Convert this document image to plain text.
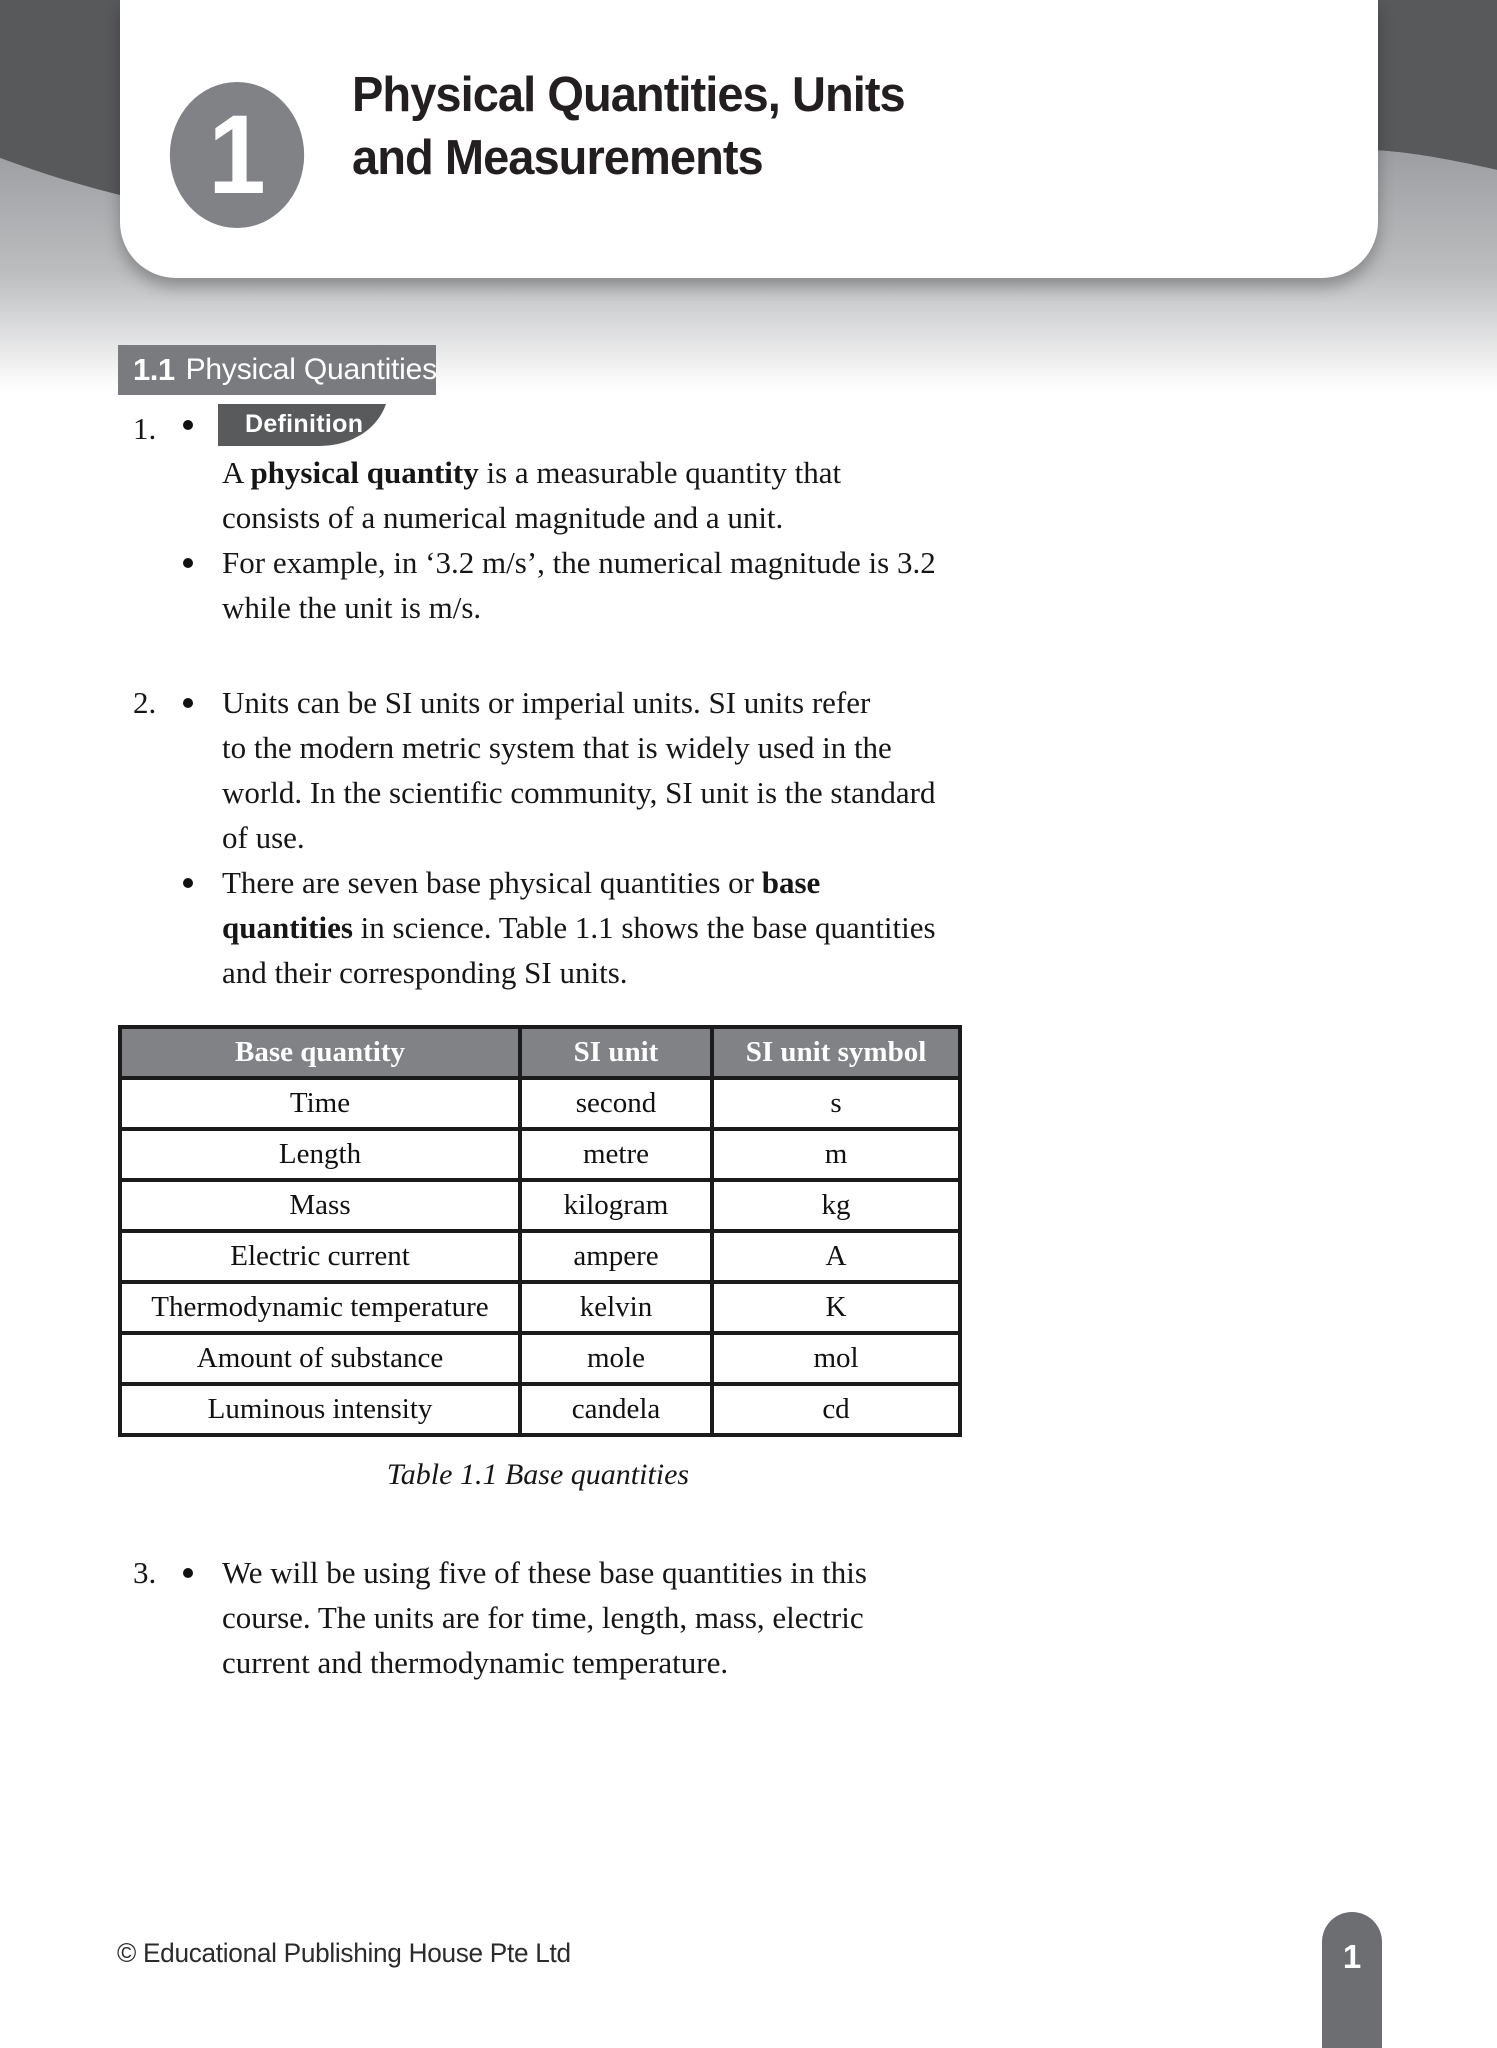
1	Physical Quantities, Units
and Measurements
1.1 Physical Quantities
1.	Definition
A physical quantity is a measurable quantity that
consists of a numerical magnitude and a unit.
For example, in ‘3.2 m/s’, the numerical magnitude is 3.2
while the unit is m/s.
2. Units can be SI units or imperial units. SI units refer
to the modern metric system that is widely used in the
world. In the scientific community, SI unit is the standard
of use.
There are seven base physical quantities or base
quantities in science. Table 1.1 shows the base quantities
and their corresponding SI units.
Base quantity	SI unit	SI unit symbol
Time	second	s
Length	metre	m
Mass	kilogram	kg
Electric current	ampere	A
Thermodynamic temperature	kelvin	K
Amount of substance	mole	mol
Luminous intensity	candela	cd
Table 1.1 Base quantities
3. We will be using five of these base quantities in this
course. The units are for time, length, mass, electric
current and thermodynamic temperature.
© Educational Publishing House Pte Ltd	1
